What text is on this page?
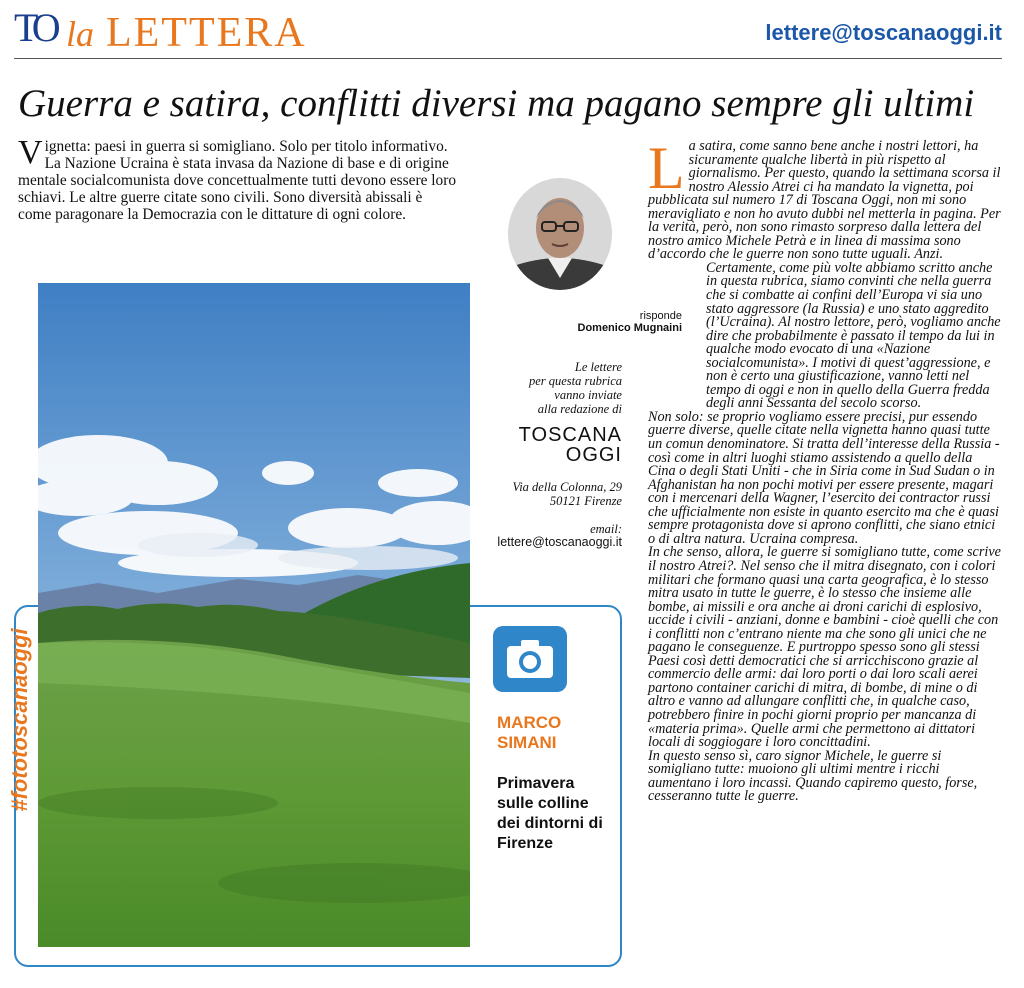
TO la LETTERA	lettere@toscanaoggi.it
Guerra e satira, conflitti diversi ma pagano sempre gli ultimi
Vignetta: paesi in guerra si somigliano. Solo per titolo informativo. La Nazione Ucraina è stata invasa da Nazione di base e di origine mentale socialcomunista dove concettualmente tutti devono essere loro schiavi. Le altre guerre citate sono civili. Sono diversità abissali è come paragonare la Democrazia con le dittature di ogni colore.
#fototoscanaoggi	MARCO
SIMANI
Primavera sulle colline dei dintorni di Firenze
risponde
Domenico Mugnaini
Le lettere
per questa rubrica
vanno inviate
alla redazione di
TOSCANA
OGGI
Via della Colonna, 29
50121 Firenze
email:
lettere@toscanaoggi.it
L a satira, come sanno bene anche i nostri lettori, ha sicuramente qualche libertà in più rispetto al giornalismo. Per questo, quando la settimana scorsa il nostro Alessio Atrei ci ha mandato la vignetta, poi pubblicata sul numero 17 di Toscana Oggi, non mi sono meravigliato e non ho avuto dubbi nel metterla in pagina. Per la verità, però, non sono rimasto sorpreso dalla lettera del nostro amico Michele Petrà e in linea di massima sono d’accordo che le guerre non sono tutte uguali. Anzi.

Certamente, come più volte abbiamo scritto anche in questa rubrica, siamo convinti che nella guerra che si combatte ai confini dell’Europa vi sia uno stato aggressore (la Russia) e uno stato aggredito (l’Ucraina). Al nostro lettore, però, vogliamo anche dire che probabilmente è passato il tempo da lui in qualche modo evocato di una «Nazione socialcomunista». I motivi di quest’aggressione, e non è certo una giustificazione, vanno letti nel tempo di oggi e non in quello della Guerra fredda degli anni Sessanta del secolo scorso.

Non solo: se proprio vogliamo essere precisi, pur essendo guerre diverse, quelle citate nella vignetta hanno quasi tutte un comun denominatore. Si tratta dell’interesse della Russia - così come in altri luoghi stiamo assistendo a quello della Cina o degli Stati Uniti - che in Siria come in Sud Sudan o in Afghanistan ha non pochi motivi per essere presente, magari con i mercenari della Wagner, l’esercito dei contractor russi che ufficialmente non esiste in quanto esercito ma che è quasi sempre protagonista dove si aprono conflitti, che siano etnici o di altra natura. Ucraina compresa.

In che senso, allora, le guerre si somigliano tutte, come scrive il nostro Atrei?. Nel senso che il mitra disegnato, con i colori militari che formano quasi una carta geografica, è lo stesso mitra usato in tutte le guerre, è lo stesso che insieme alle bombe, ai missili e ora anche ai droni carichi di esplosivo, uccide i civili - anziani, donne e bambini - cioè quelli che con i conflitti non c’entrano niente ma che sono gli unici che ne pagano le conseguenze. E purtroppo spesso sono gli stessi Paesi così detti democratici che si arricchiscono grazie al commercio delle armi: dai loro porti o dai loro scali aerei partono container carichi di mitra, di bombe, di mine o di altro e vanno ad allungare conflitti che, in qualche caso, potrebbero finire in pochi giorni proprio per mancanza di «materia prima». Quelle armi che permettono ai dittatori locali di soggiogare i loro concittadini.

In questo senso sì, caro signor Michele, le guerre si somigliano tutte: muoiono gli ultimi mentre i ricchi aumentano i loro incassi. Quando capiremo questo, forse, cesseranno tutte le guerre.
